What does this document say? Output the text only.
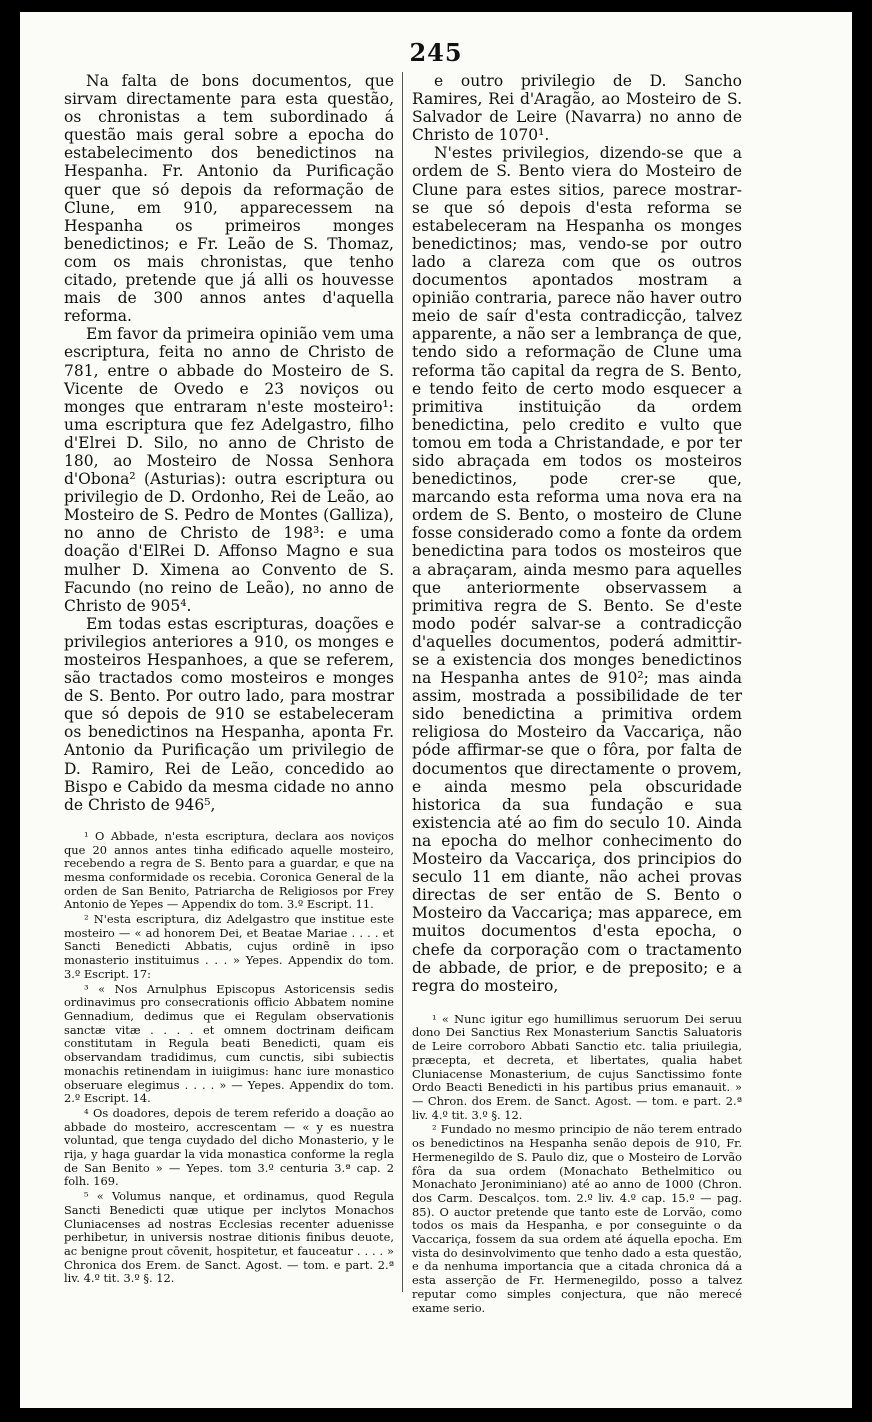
245

Na falta de bons documentos, que sirvam directamente para esta questão, os chronistas a tem subordinado á questão mais geral sobre a epocha do estabelecimento dos benedictinos na Hespanha. Fr. Antonio da Purificação quer que só depois da reformação de Clune, em 910, apparecessem na Hespanha os primeiros monges benedictinos; e Fr. Leão de S. Thomaz, com os mais chronistas, que tenho citado, pretende que já alli os houvesse mais de 300 annos antes d'aquella reforma.

Em favor da primeira opinião vem uma escriptura, feita no anno de Christo de 781, entre o abbade do Mosteiro de S. Vicente de Ovedo e 23 noviços ou monges que entraram n'este mosteiro¹: uma escriptura que fez Adelgastro, filho d'Elrei D. Silo, no anno de Christo de 180, ao Mosteiro de Nossa Senhora d'Obona² (Asturias): outra escriptura ou privilegio de D. Ordonho, Rei de Leão, ao Mosteiro de S. Pedro de Montes (Galliza), no anno de Christo de 198³: e uma doação d'ElRei D. Affonso Magno e sua mulher D. Ximena ao Convento de S. Facundo (no reino de Leão), no anno de Christo de 905⁴.

Em todas estas escripturas, doações e privilegios anteriores a 910, os monges e mosteiros Hespanhoes, a que se referem, são tractados como mosteiros e monges de S. Bento. Por outro lado, para mostrar que só depois de 910 se estabeleceram os benedictinos na Hespanha, aponta Fr. Antonio da Purificação um privilegio de D. Ramiro, Rei de Leão, concedido ao Bispo e Cabido da mesma cidade no anno de Christo de 946⁵,

¹ O Abbade, n'esta escriptura, declara aos noviços que 20 annos antes tinha edificado aquelle mosteiro, recebendo a regra de S. Bento para a guardar, e que na mesma conformidade os recebia. Coronica General de la orden de San Benito, Patriarcha de Religiosos por Frey Antonio de Yepes — Appendix do tom. 3.º Escript. 11.

² N'esta escriptura, diz Adelgastro que institue este mosteiro — « ad honorem Dei, et Beatae Mariae . . . . et Sancti Benedicti Abbatis, cujus ordinẽ in ipso monasterio instituimus . . . » Yepes. Appendix do tom. 3.º Escript. 17:

³ « Nos Arnulphus Episcopus Astoricensis sedis ordinavimus pro consecrationis officio Abbatem nomine Gennadium, dedimus que ei Regulam observationis sanctæ vitæ . . . . et omnem doctrinam deificam constitutam in Regula beati Benedicti, quam eis observandam tradidimus, cum cunctis, sibi subiectis monachis retinendam in iuiigimus: hanc iure monastico obseruare elegimus . . . . » — Yepes. Appendix do tom. 2.º Escript. 14.

⁴ Os doadores, depois de terem referido a doação ao abbade do mosteiro, accrescentam — « y es nuestra voluntad, que tenga cuydado del dicho Monasterio, y le rija, y haga guardar la vida monastica conforme la regla de San Benito » — Yepes. tom 3.º centuria 3.ª cap. 2 folh. 169.

⁵ « Volumus nanque, et ordinamus, quod Regula Sancti Benedicti quæ utique per inclytos Monachos Cluniacenses ad nostras Ecclesias recenter aduenisse perhibetur, in universis nostrae ditionis finibus deuote, ac benigne prout cōvenit, hospitetur, et fauceatur . . . . » Chronica dos Erem. de Sanct. Agost. — tom. e part. 2.ª liv. 4.º tit. 3.º §. 12.

e outro privilegio de D. Sancho Ramires, Rei d'Aragão, ao Mosteiro de S. Salvador de Leire (Navarra) no anno de Christo de 1070¹.

N'estes privilegios, dizendo-se que a ordem de S. Bento viera do Mosteiro de Clune para estes sitios, parece mostrar-se que só depois d'esta reforma se estabeleceram na Hespanha os monges benedictinos; mas, vendo-se por outro lado a clareza com que os outros documentos apontados mostram a opinião contraria, parece não haver outro meio de saír d'esta contradicção, talvez apparente, a não ser a lembrança de que, tendo sido a reformação de Clune uma reforma tão capital da regra de S. Bento, e tendo feito de certo modo esquecer a primitiva instituição da ordem benedictina, pelo credito e vulto que tomou em toda a Christandade, e por ter sido abraçada em todos os mosteiros benedictinos, pode crer-se que, marcando esta reforma uma nova era na ordem de S. Bento, o mosteiro de Clune fosse considerado como a fonte da ordem benedictina para todos os mosteiros que a abraçaram, ainda mesmo para aquelles que anteriormente observassem a primitiva regra de S. Bento. Se d'este modo podér salvar-se a contradicção d'aquelles documentos, poderá admittir-se a existencia dos monges benedictinos na Hespanha antes de 910²; mas ainda assim, mostrada a possibilidade de ter sido benedictina a primitiva ordem religiosa do Mosteiro da Vaccariça, não póde affirmar-se que o fôra, por falta de documentos que directamente o provem, e ainda mesmo pela obscuridade historica da sua fundação e sua existencia até ao fim do seculo 10. Ainda na epocha do melhor conhecimento do Mosteiro da Vaccariça, dos principios do seculo 11 em diante, não achei provas directas de ser então de S. Bento o Mosteiro da Vaccariça; mas apparece, em muitos documentos d'esta epocha, o chefe da corporação com o tractamento de abbade, de prior, e de preposito; e a regra do mosteiro,

¹ « Nunc igitur ego humillimus seruorum Dei seruu dono Dei Sanctius Rex Monasterium Sanctis Saluatoris de Leire corroboro Abbati Sanctio etc. talia priuilegia, præcepta, et decreta, et libertates, qualia habet Cluniacense Monasterium, de cujus Sanctissimo fonte Ordo Beacti Benedicti in his partibus prius emanauit. » — Chron. dos Erem. de Sanct. Agost. — tom. e part. 2.ª liv. 4.º tit. 3.º §. 12.

² Fundado no mesmo principio de não terem entrado os benedictinos na Hespanha senão depois de 910, Fr. Hermenegildo de S. Paulo diz, que o Mosteiro de Lorvão fôra da sua ordem (Monachato Bethelmitico ou Monachato Jeroniminiano) até ao anno de 1000 (Chron. dos Carm. Descalços. tom. 2.º liv. 4.º cap. 15.º — pag. 85). O auctor pretende que tanto este de Lorvão, como todos os mais da Hespanha, e por conseguinte o da Vaccariça, fossem da sua ordem até áquella epocha. Em vista do desinvolvimento que tenho dado a esta questão, e da nenhuma importancia que a citada chronica dá a esta asserção de Fr. Hermenegildo, posso a talvez reputar como simples conjectura, que não merecé exame serio.
